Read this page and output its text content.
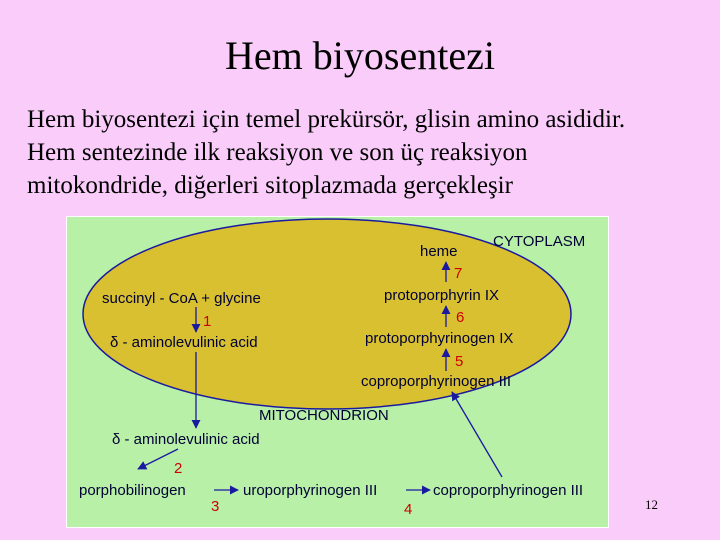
Hem biyosentezi
Hem biyosentezi için temel prekürsör, glisin amino asididir.
Hem sentezinde ilk reaksiyon ve son üç reaksiyon
mitokondride, diğerleri sitoplazmada gerçekleşir
CYTOPLASM
MITOCHONDRION
heme
protoporphyrin IX
protoporphyrinogen IX
coproporphyrinogen III
succinyl - CoA + glycine
δ - aminolevulinic acid
δ - aminolevulinic acid
porphobilinogen	uroporphyrinogen III	coproporphyrinogen III
7
6
5
1
2
3	4	12
